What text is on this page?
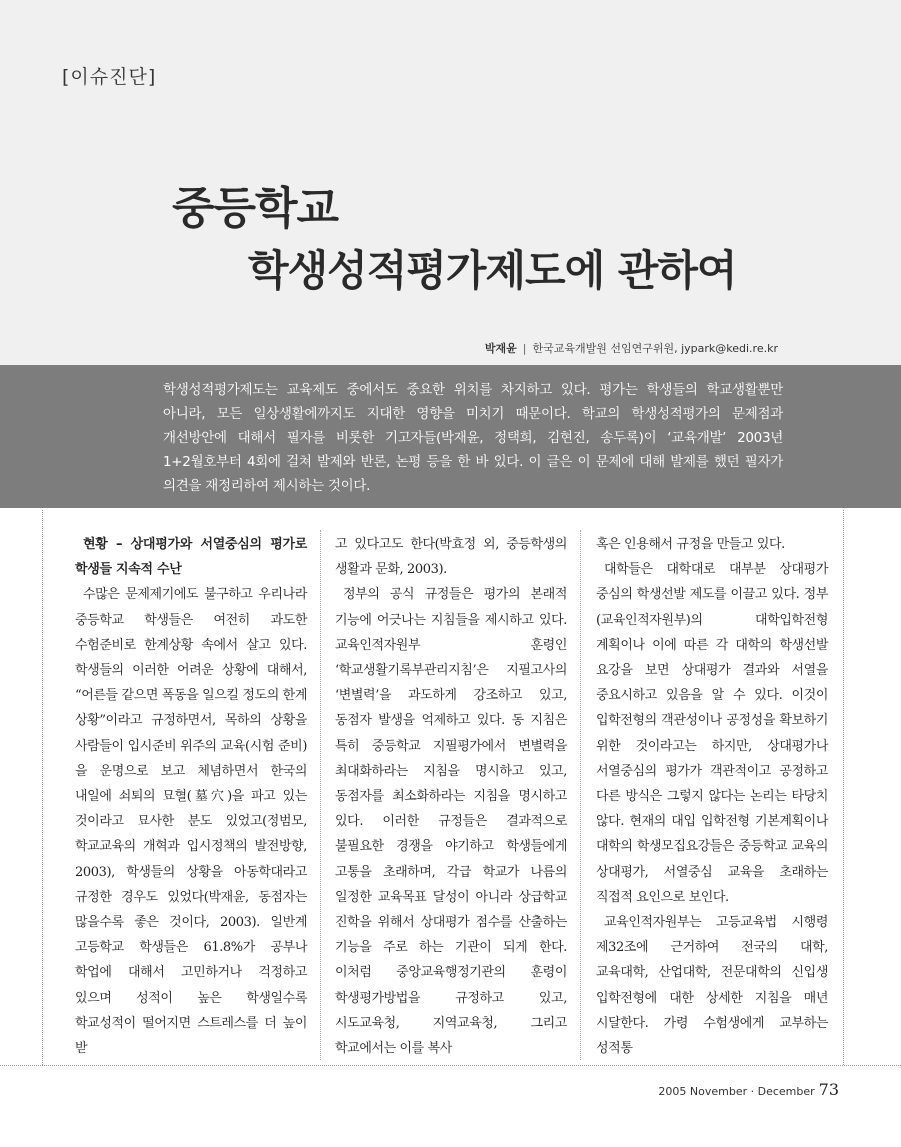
[이슈진단]
중등학교
학생성적평가제도에 관하여
박재윤 | 한국교육개발원 선임연구위원, jypark@kedi.re.kr

학생성적평가제도는 교육제도 중에서도 중요한 위치를 차지하고 있다. 평가는 학생들의 학교생활뿐만 아니라, 모든 일상생활에까지도 지대한 영향을 미치기 때문이다. 학교의 학생성적평가의 문제점과 개선방안에 대해서 필자를 비롯한 기고자들(박재윤, 정택희, 김현진, 송두록)이 ‘교육개발’ 2003년 1+2월호부터 4회에 걸쳐 발제와 반론, 논평 등을 한 바 있다. 이 글은 이 문제에 대해 발제를 했던 필자가 의견을 재정리하여 제시하는 것이다.

현황 – 상대평가와 서열중심의 평가로 학생들 지속적 수난

수많은 문제제기에도 불구하고 우리나라 중등학교 학생들은 여전히 과도한 수험준비로 한계상황 속에서 살고 있다. 학생들의 이러한 어려운 상황에 대해서, “어른들 같으면 폭동을 일으킬 정도의 한계 상황”이라고 규정하면서, 목하의 상황을 사람들이 입시준비 위주의 교육(시험 준비)을 운명으로 보고 체념하면서 한국의 내일에 쇠퇴의 묘혈(墓穴)을 파고 있는 것이라고 묘사한 분도 있었고(정범모, 학교교육의 개혁과 입시정책의 발전방향, 2003), 학생들의 상황을 아동학대라고 규정한 경우도 있었다(박재윤, 동점자는 많을수록 좋은 것이다, 2003). 일반계 고등학교 학생들은 61.8%가 공부나 학업에 대해서 고민하거나 걱정하고 있으며 성적이 높은 학생일수록 학교성적이 떨어지면 스트레스를 더 높이 받

고 있다고도 한다(박효정 외, 중등학생의 생활과 문화, 2003).

정부의 공식 규정들은 평가의 본래적 기능에 어긋나는 지침들을 제시하고 있다. 교육인적자원부 훈령인 ‘학교생활기록부관리지침’은 지필고사의 ‘변별력’을 과도하게 강조하고 있고, 동점자 발생을 억제하고 있다. 동 지침은 특히 중등학교 지필평가에서 변별력을 최대화하라는 지침을 명시하고 있고, 동점자를 최소화하라는 지침을 명시하고 있다. 이러한 규정들은 결과적으로 불필요한 경쟁을 야기하고 학생들에게 고통을 초래하며, 각급 학교가 나름의 일정한 교육목표 달성이 아니라 상급학교 진학을 위해서 상대평가 점수를 산출하는 기능을 주로 하는 기관이 되게 한다. 이처럼 중앙교육행정기관의 훈령이 학생평가방법을 규정하고 있고, 시도교육청, 지역교육청, 그리고 학교에서는 이를 복사

혹은 인용해서 규정을 만들고 있다.

대학들은 대학대로 대부분 상대평가 중심의 학생선발 제도를 이끌고 있다. 정부(교육인적자원부)의 대학입학전형 계획이나 이에 따른 각 대학의 학생선발 요강을 보면 상대평가 결과와 서열을 중요시하고 있음을 알 수 있다. 이것이 입학전형의 객관성이나 공정성을 확보하기 위한 것이라고는 하지만, 상대평가나 서열중심의 평가가 객관적이고 공정하고 다른 방식은 그렇지 않다는 논리는 타당치 않다. 현재의 대입 입학전형 기본계획이나 대학의 학생모집요강들은 중등학교 교육의 상대평가, 서열중심 교육을 초래하는 직접적 요인으로 보인다.

교육인적자원부는 고등교육법 시행령 제32조에 근거하여 전국의 대학, 교육대학, 산업대학, 전문대학의 신입생 입학전형에 대한 상세한 지침을 매년 시달한다. 가령 수험생에게 교부하는 성적통

2005 November · December 73
